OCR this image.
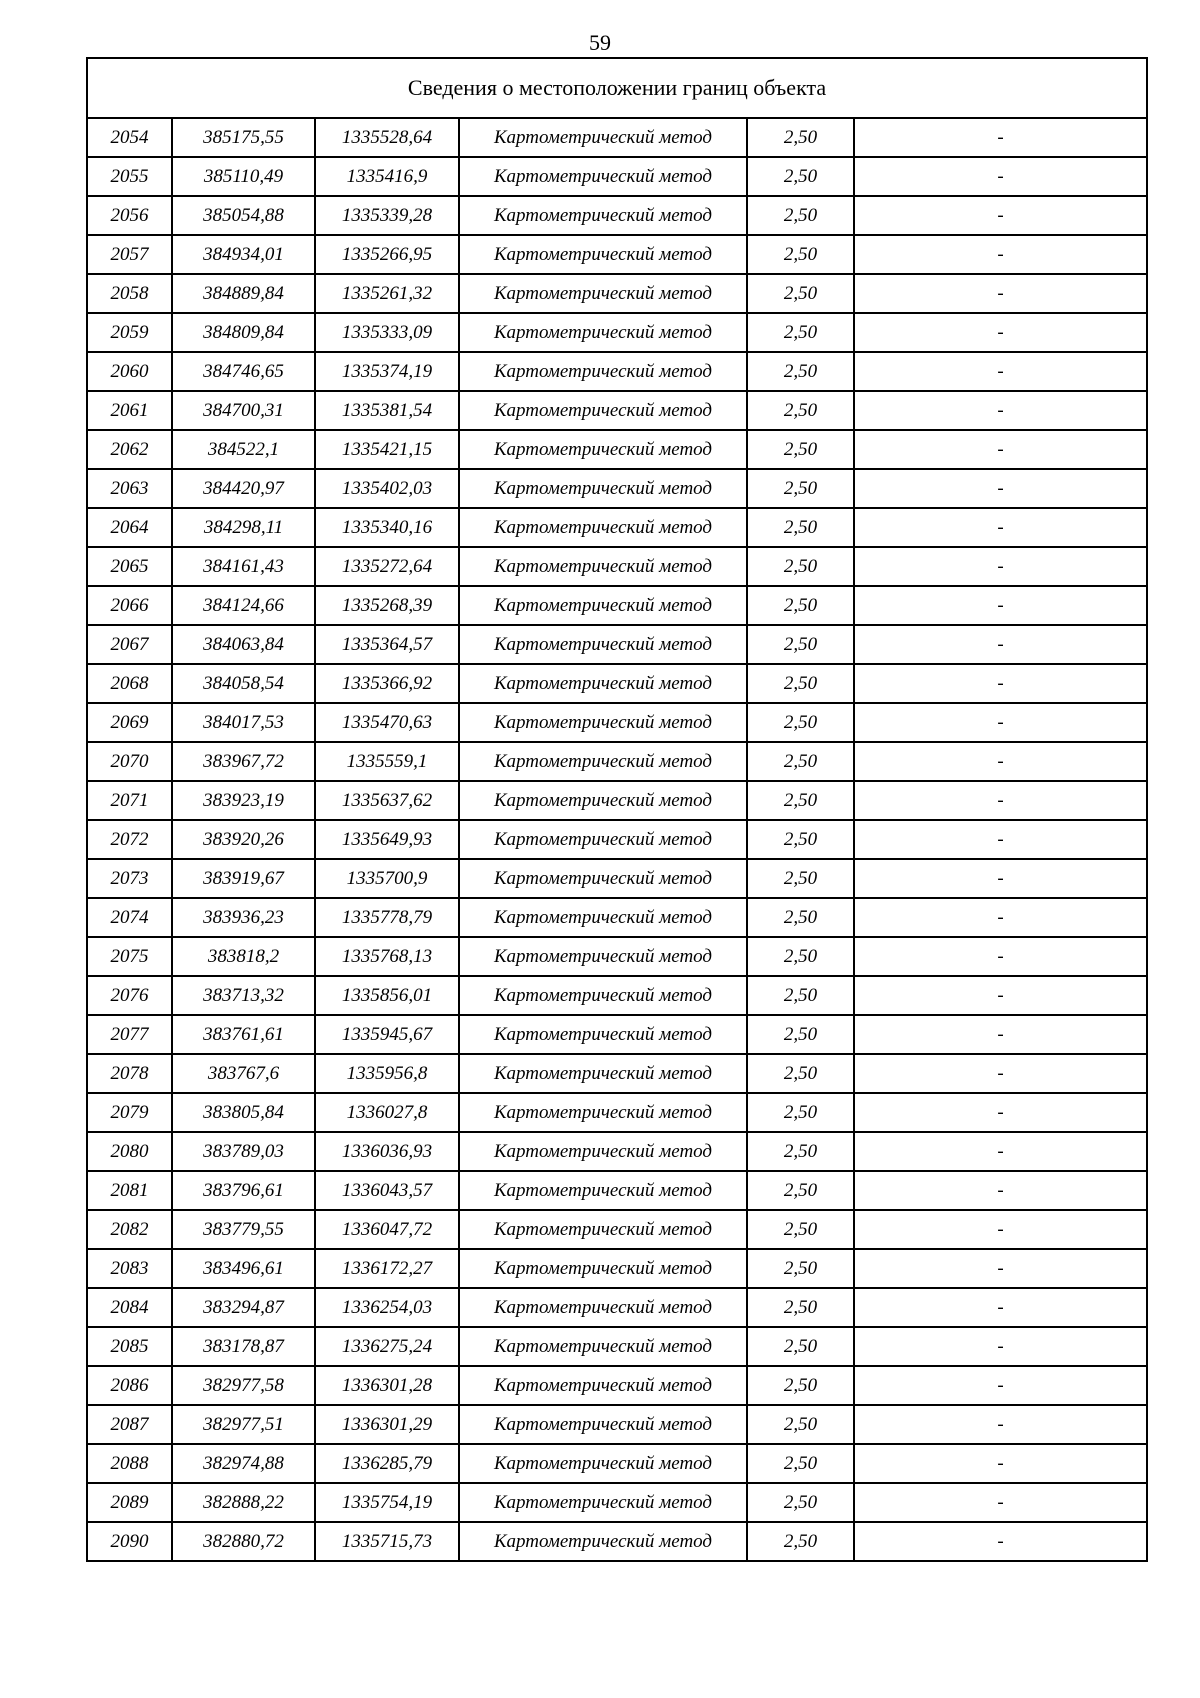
59
Сведения о местоположении границ объекта					
2054	385175,55	1335528,64	Картометрический метод	2,50	-
2055	385110,49	1335416,9	Картометрический метод	2,50	-
2056	385054,88	1335339,28	Картометрический метод	2,50	-
2057	384934,01	1335266,95	Картометрический метод	2,50	-
2058	384889,84	1335261,32	Картометрический метод	2,50	-
2059	384809,84	1335333,09	Картометрический метод	2,50	-
2060	384746,65	1335374,19	Картометрический метод	2,50	-
2061	384700,31	1335381,54	Картометрический метод	2,50	-
2062	384522,1	1335421,15	Картометрический метод	2,50	-
2063	384420,97	1335402,03	Картометрический метод	2,50	-
2064	384298,11	1335340,16	Картометрический метод	2,50	-
2065	384161,43	1335272,64	Картометрический метод	2,50	-
2066	384124,66	1335268,39	Картометрический метод	2,50	-
2067	384063,84	1335364,57	Картометрический метод	2,50	-
2068	384058,54	1335366,92	Картометрический метод	2,50	-
2069	384017,53	1335470,63	Картометрический метод	2,50	-
2070	383967,72	1335559,1	Картометрический метод	2,50	-
2071	383923,19	1335637,62	Картометрический метод	2,50	-
2072	383920,26	1335649,93	Картометрический метод	2,50	-
2073	383919,67	1335700,9	Картометрический метод	2,50	-
2074	383936,23	1335778,79	Картометрический метод	2,50	-
2075	383818,2	1335768,13	Картометрический метод	2,50	-
2076	383713,32	1335856,01	Картометрический метод	2,50	-
2077	383761,61	1335945,67	Картометрический метод	2,50	-
2078	383767,6	1335956,8	Картометрический метод	2,50	-
2079	383805,84	1336027,8	Картометрический метод	2,50	-
2080	383789,03	1336036,93	Картометрический метод	2,50	-
2081	383796,61	1336043,57	Картометрический метод	2,50	-
2082	383779,55	1336047,72	Картометрический метод	2,50	-
2083	383496,61	1336172,27	Картометрический метод	2,50	-
2084	383294,87	1336254,03	Картометрический метод	2,50	-
2085	383178,87	1336275,24	Картометрический метод	2,50	-
2086	382977,58	1336301,28	Картометрический метод	2,50	-
2087	382977,51	1336301,29	Картометрический метод	2,50	-
2088	382974,88	1336285,79	Картометрический метод	2,50	-
2089	382888,22	1335754,19	Картометрический метод	2,50	-
2090	382880,72	1335715,73	Картометрический метод	2,50	-
